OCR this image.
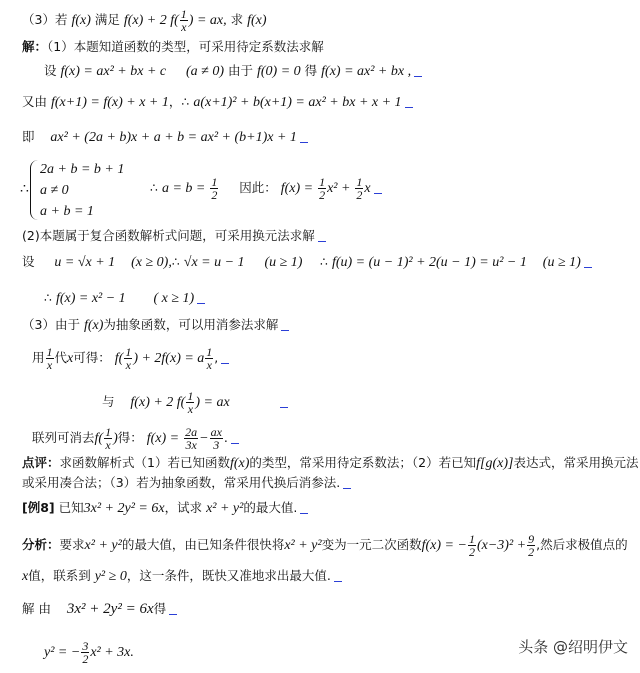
（3）若 f(x) 满足 f(x) + 2 $f( \frac{1}{x}$ ) = ax, 求 f(x)
解：（1）本题知道函数的类型，可采用待定系数法求解
设 f(x) = ax² + bx + c (a ≠ 0) 由于 f(0) = 0 得 f(x) = ax² + bx ,
又由 f(x+1) = f(x) + x + 1，∴ a(x+1)² + b(x+1) = ax² + bx + x + 1
即 ax² + (2a + b)x + a + b = ax² + (b+1)x + 1
∴
2a + b = b + 1
a ≠ 0
a + b = 1
∴ $a = b = \frac{1}{2}$ 因此： $f(x) = \frac{1}{2} x^2 + \frac{1}{2}$ x
(2)本题属于复合函数解析式问题，可采用换元法求解
设 u = √x + 1 (x ≥ 0),∴ √x = u − 1 (u ≥ 1) ∴ f(u) = (u − 1)² + 2(u − 1) = u² − 1 (u ≥ 1)
∴ f(x) = x² − 1 ( x ≥ 1)
（3）由于 f(x)为抽象函数，可以用消参法求解
用 $\frac{1}{x}$ 代x可得： $f( \frac{1}{x}$ ) + 2f(x) = a $\frac{1}{x}$ ,
与 f(x) + 2 $f( \frac{1}{x}$ ) = ax
联列可消去$f( \frac{1}{x}$ )得： $f(x) = \frac{2a}{3x} - \frac{ax}{3}$ .
点评：求函数解析式（1）若已知函数f(x)的类型，常采用待定系数法；（2）若已知f[g(x)]表达式，常采用换元法
或采用凑合法；（3）若为抽象函数，常采用代换后消参法.
[例8] 已知3x² + 2y² = 6x，试求 x² + y²的最大值.
分析：要求x² + y²的最大值，由已知条件很快将x² + y²变为一元二次函数f(x) = − $\frac{1}{2} (x-3)^2 + \frac{9}{2}$ ,然后求极值点的
x值，联系到 y² ≥ 0，这一条件，既快又准地求出最大值.
解 由 3x² + 2y² = 6x得
y² = − $\frac{3}{2} x^2 + 3x$.	头条 @绍明伊文
